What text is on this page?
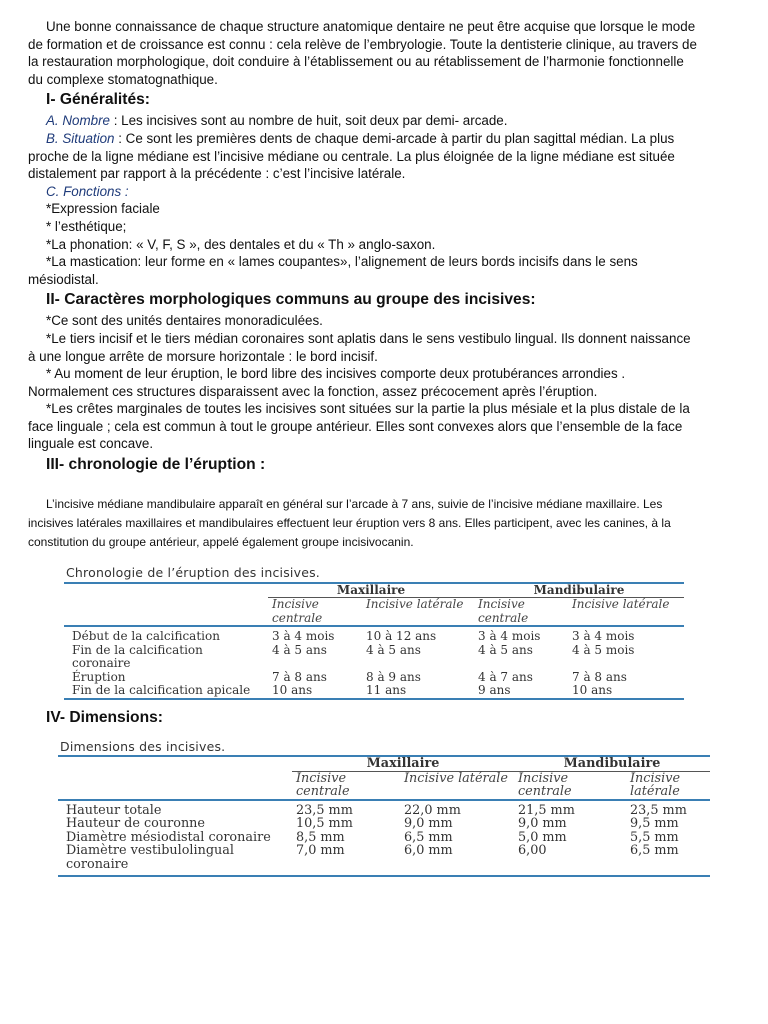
Une bonne connaissance de chaque structure anatomique dentaire ne peut être acquise que lorsque le mode de formation et de croissance est connu : cela relève de l’embryologie. Toute la dentisterie clinique, au travers de la restauration morphologique, doit conduire à l’établissement ou au rétablissement de l’harmonie fonctionnelle du complexe stomatognathique.

I- Généralités:

A. Nombre : Les incisives sont au nombre de huit, soit deux par demi- arcade.

B. Situation : Ce sont les premières dents de chaque demi-arcade à partir du plan sagittal médian. La plus proche de la ligne médiane est l’incisive médiane ou centrale. La plus éloignée de la ligne médiane est située distalement par rapport à la précédente : c’est l’incisive latérale.

C. Fonctions :

*Expression faciale

* l’esthétique;

*La phonation: « V, F, S », des dentales et du « Th » anglo-saxon.

*La mastication: leur forme en « lames coupantes», l’alignement de leurs bords incisifs dans le sens mésiodistal.

II- Caractères morphologiques communs au groupe des incisives:

*Ce sont des unités dentaires monoradiculées.

*Le tiers incisif et le tiers médian coronaires sont aplatis dans le sens vestibulo lingual. Ils donnent naissance à une longue arrête de morsure horizontale : le bord incisif.

* Au moment de leur éruption, le bord libre des incisives comporte deux protubérances arrondies . Normalement ces structures disparaissent avec la fonction, assez précocement après l’éruption.

*Les crêtes marginales de toutes les incisives sont situées sur la partie la plus mésiale et la plus distale de la face linguale ; cela est commun à tout le groupe antérieur. Elles sont convexes alors que l’ensemble de la face linguale est concave.

III- chronologie de l’éruption :

L’incisive médiane mandibulaire apparaît en général sur l’arcade à 7 ans, suivie de l’incisive médiane maxillaire. Les incisives latérales maxillaires et mandibulaires effectuent leur éruption vers 8 ans. Elles participent, avec les canines, à la constitution du groupe antérieur, appelé également groupe incisivocanin.

Chronologie de l’éruption des incisives.
	Maxillaire		Mandibulaire	
	Incisive centrale	Incisive latérale	Incisive centrale	Incisive latérale

Début de la calcification	3 à 4 mois	10 à 12 ans	3 à 4 mois	3 à 4 mois
Fin de la calcification coronaire	4 à 5 ans	4 à 5 ans	4 à 5 ans	4 à 5 mois
Éruption	7 à 8 ans	8 à 9 ans	4 à 7 ans	7 à 8 ans
Fin de la calcification apicale	10 ans	11 ans	9 ans	10 ans
IV- Dimensions:
Dimensions des incisives.
	Maxillaire		Mandibulaire	
	Incisive centrale	Incisive latérale	Incisive centrale	Incisive latérale

Hauteur totale	23,5 mm	22,0 mm	21,5 mm	23,5 mm
Hauteur de couronne	10,5 mm	9,0 mm	9,0 mm	9,5 mm
Diamètre mésiodistal coronaire	8,5 mm	6,5 mm	5,0 mm	5,5 mm
Diamètre vestibulolingual coronaire	7,0 mm	6,0 mm	6,00	6,5 mm
